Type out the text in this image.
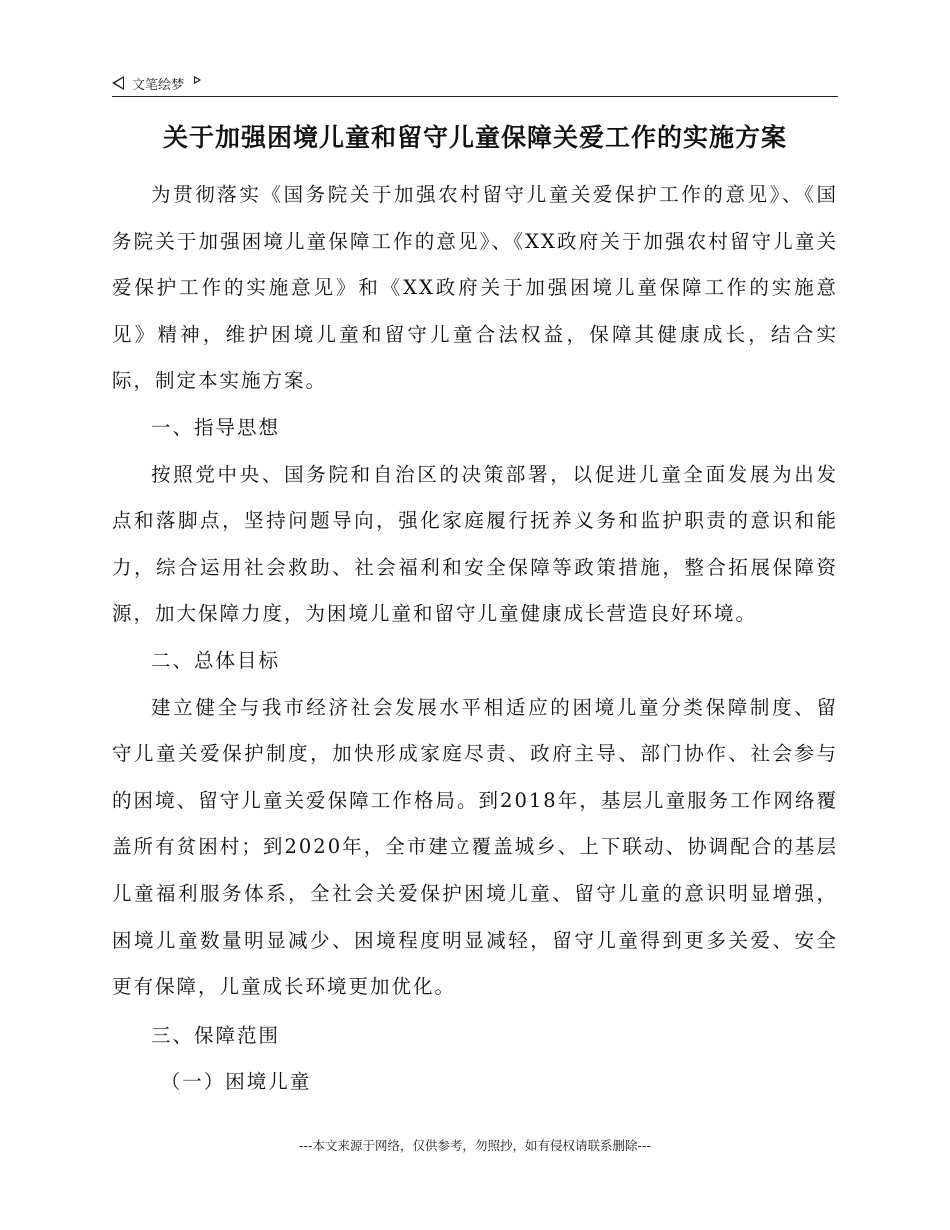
文笔绘梦
关于加强困境儿童和留守儿童保障关爱工作的实施方案

为贯彻落实《国务院关于加强农村留守儿童关爱保护工作的意见》、《国务院关于加强困境儿童保障工作的意见》、《XX政府关于加强农村留守儿童关爱保护工作的实施意见》和《XX政府关于加强困境儿童保障工作的实施意见》精神，维护困境儿童和留守儿童合法权益，保障其健康成长，结合实际，制定本实施方案。

一、指导思想

按照党中央、国务院和自治区的决策部署，以促进儿童全面发展为出发点和落脚点，坚持问题导向，强化家庭履行抚养义务和监护职责的意识和能力，综合运用社会救助、社会福利和安全保障等政策措施，整合拓展保障资源，加大保障力度，为困境儿童和留守儿童健康成长营造良好环境。

二、总体目标

建立健全与我市经济社会发展水平相适应的困境儿童分类保障制度、留守儿童关爱保护制度，加快形成家庭尽责、政府主导、部门协作、社会参与的困境、留守儿童关爱保障工作格局。到2018年，基层儿童服务工作网络覆盖所有贫困村；到2020年，全市建立覆盖城乡、上下联动、协调配合的基层儿童福利服务体系，全社会关爱保护困境儿童、留守儿童的意识明显增强，困境儿童数量明显减少、困境程度明显减轻，留守儿童得到更多关爱、安全更有保障，儿童成长环境更加优化。

三、保障范围

（一）困境儿童

---本文来源于网络，仅供参考，勿照抄，如有侵权请联系删除---
